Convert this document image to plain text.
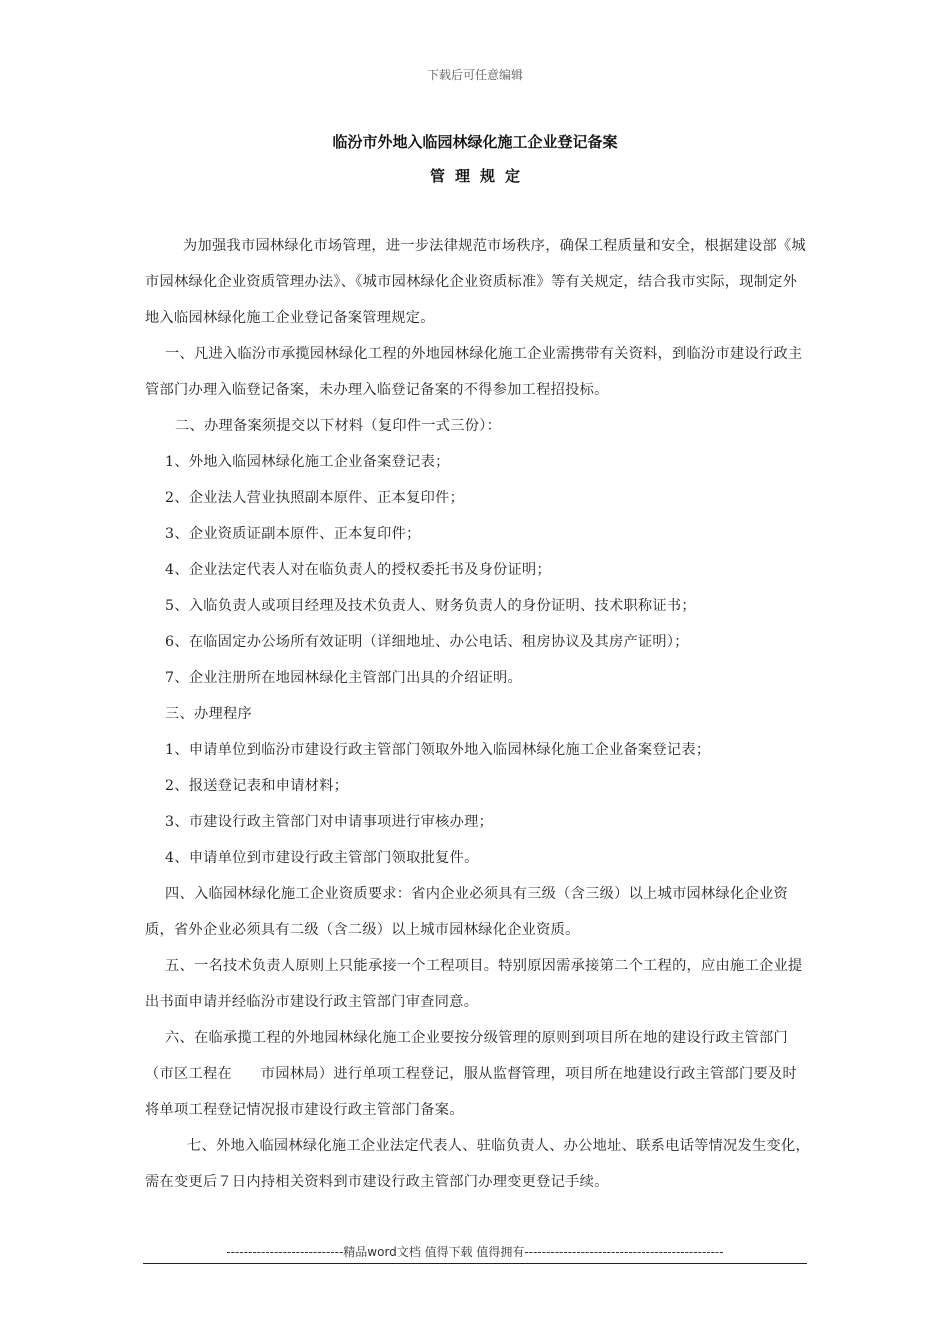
下载后可任意编辑
临汾市外地入临园林绿化施工企业登记备案
管理规定

为加强我市园林绿化市场管理，进一步法律规范市场秩序，确保工程质量和安全，根据建设部《城市园林绿化企业资质管理办法》、《城市园林绿化企业资质标准》等有关规定，结合我市实际，现制定外地入临园林绿化施工企业登记备案管理规定。

一、凡进入临汾市承揽园林绿化工程的外地园林绿化施工企业需携带有关资料，到临汾市建设行政主管部门办理入临登记备案，未办理入临登记备案的不得参加工程招投标。

二、办理备案须提交以下材料（复印件一式三份）：

1、外地入临园林绿化施工企业备案登记表；

2、企业法人营业执照副本原件、正本复印件；

3、企业资质证副本原件、正本复印件；

4、企业法定代表人对在临负责人的授权委托书及身份证明；

5、入临负责人或项目经理及技术负责人、财务负责人的身份证明、技术职称证书；

6、在临固定办公场所有效证明（详细地址、办公电话、租房协议及其房产证明）；

7、企业注册所在地园林绿化主管部门出具的介绍证明。

三、办理程序

1、申请单位到临汾市建设行政主管部门领取外地入临园林绿化施工企业备案登记表；

2、报送登记表和申请材料；

3、市建设行政主管部门对申请事项进行审核办理；

4、申请单位到市建设行政主管部门领取批复件。

四、入临园林绿化施工企业资质要求：省内企业必须具有三级（含三级）以上城市园林绿化企业资质，省外企业必须具有二级（含二级）以上城市园林绿化企业资质。

五、一名技术负责人原则上只能承接一个工程项目。特别原因需承接第二个工程的，应由施工企业提出书面申请并经临汾市建设行政主管部门审查同意。

六、在临承揽工程的外地园林绿化施工企业要按分级管理的原则到项目所在地的建设行政主管部门（市区工程在　　市园林局）进行单项工程登记，服从监督管理，项目所在地建设行政主管部门要及时将单项工程登记情况报市建设行政主管部门备案。

七、外地入临园林绿化施工企业法定代表人、驻临负责人、办公地址、联系电话等情况发生变化，需在变更后７日内持相关资料到市建设行政主管部门办理变更登记手续。

---------------------------精品word文档 值得下载 值得拥有----------------------------------------------
